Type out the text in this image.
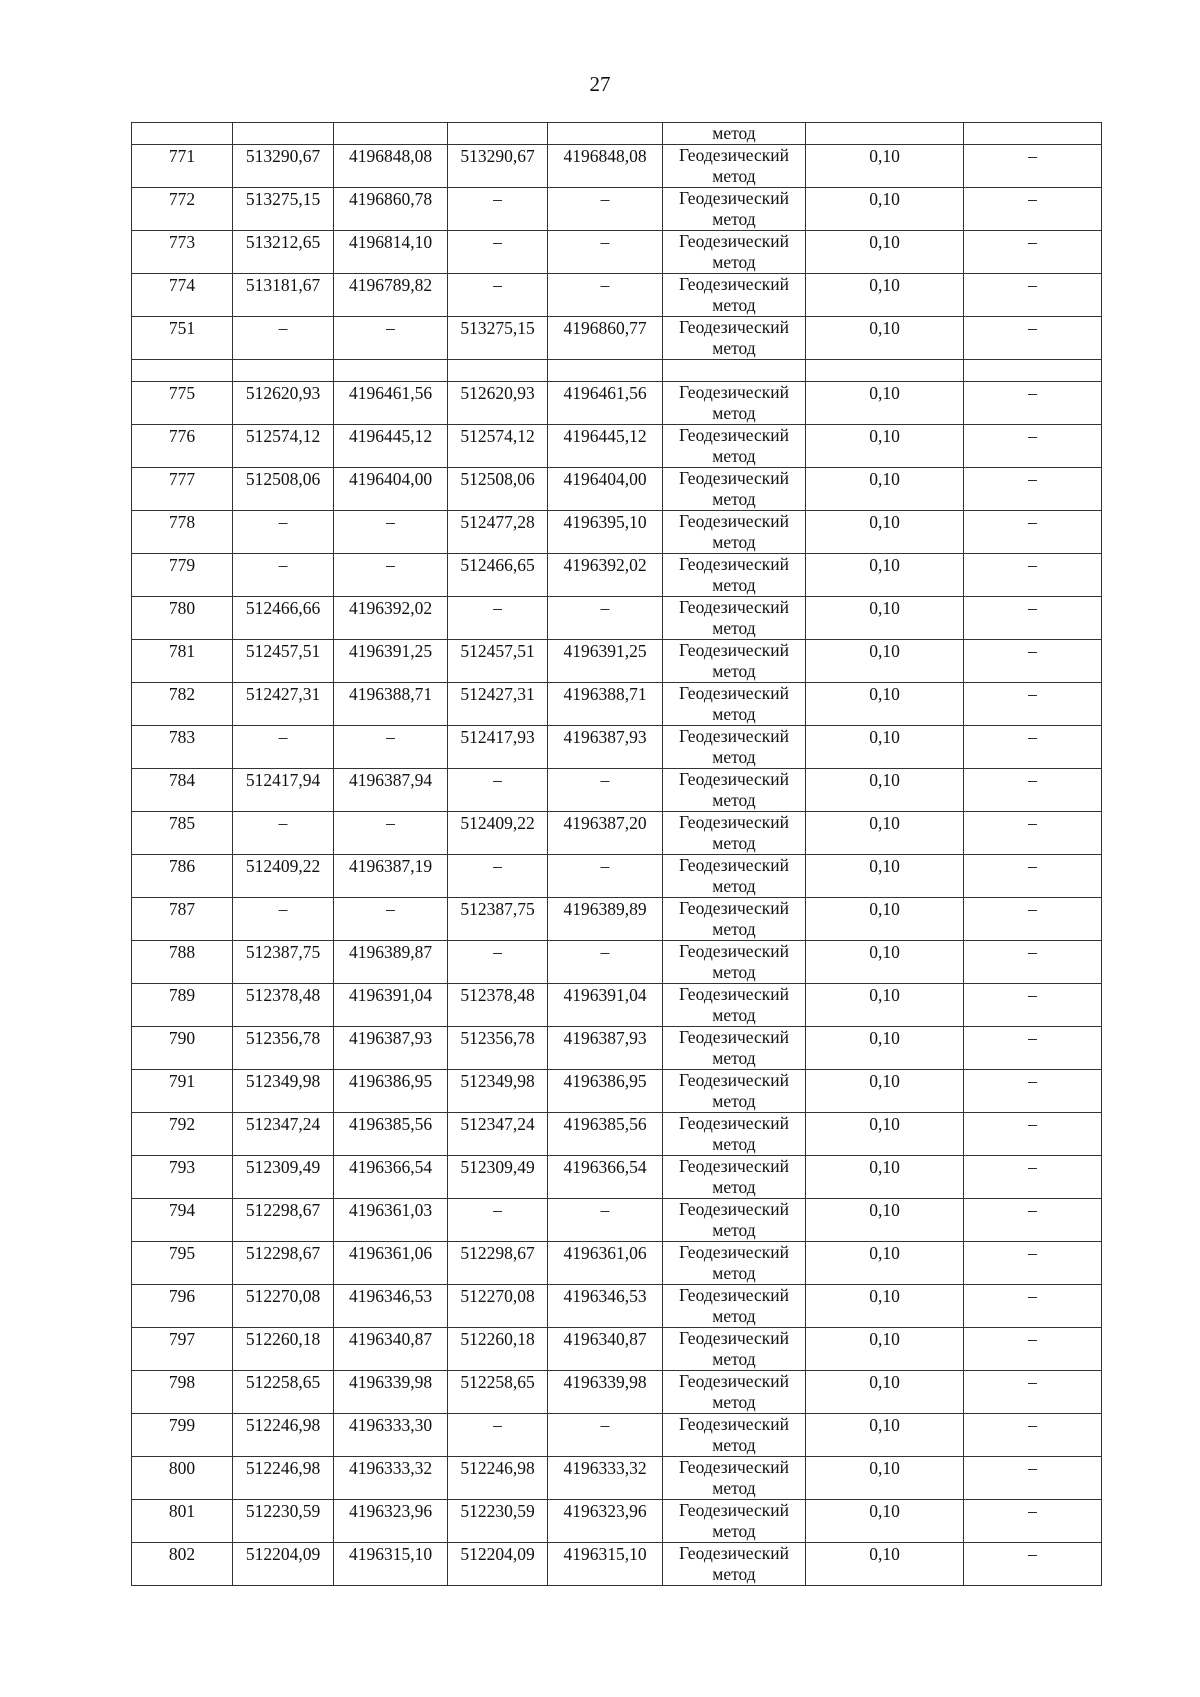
27
					метод		

771	513290,67	4196848,08	513290,67	4196848,08	Геодезический метод	0,10	–

772	513275,15	4196860,78	–	–	Геодезический метод	0,10	–

773	513212,65	4196814,10	–	–	Геодезический метод	0,10	–

774	513181,67	4196789,82	–	–	Геодезический метод	0,10	–

751	–	–	513275,15	4196860,77	Геодезический метод	0,10	–

775	512620,93	4196461,56	512620,93	4196461,56	Геодезический метод	0,10	–

776	512574,12	4196445,12	512574,12	4196445,12	Геодезический метод	0,10	–

777	512508,06	4196404,00	512508,06	4196404,00	Геодезический метод	0,10	–

778	–	–	512477,28	4196395,10	Геодезический метод	0,10	–

779	–	–	512466,65	4196392,02	Геодезический метод	0,10	–

780	512466,66	4196392,02	–	–	Геодезический метод	0,10	–

781	512457,51	4196391,25	512457,51	4196391,25	Геодезический метод	0,10	–

782	512427,31	4196388,71	512427,31	4196388,71	Геодезический метод	0,10	–

783	–	–	512417,93	4196387,93	Геодезический метод	0,10	–

784	512417,94	4196387,94	–	–	Геодезический метод	0,10	–

785	–	–	512409,22	4196387,20	Геодезический метод	0,10	–

786	512409,22	4196387,19	–	–	Геодезический метод	0,10	–

787	–	–	512387,75	4196389,89	Геодезический метод	0,10	–

788	512387,75	4196389,87	–	–	Геодезический метод	0,10	–

789	512378,48	4196391,04	512378,48	4196391,04	Геодезический метод	0,10	–

790	512356,78	4196387,93	512356,78	4196387,93	Геодезический метод	0,10	–

791	512349,98	4196386,95	512349,98	4196386,95	Геодезический метод	0,10	–

792	512347,24	4196385,56	512347,24	4196385,56	Геодезический метод	0,10	–

793	512309,49	4196366,54	512309,49	4196366,54	Геодезический метод	0,10	–

794	512298,67	4196361,03	–	–	Геодезический метод	0,10	–

795	512298,67	4196361,06	512298,67	4196361,06	Геодезический метод	0,10	–

796	512270,08	4196346,53	512270,08	4196346,53	Геодезический метод	0,10	–

797	512260,18	4196340,87	512260,18	4196340,87	Геодезический метод	0,10	–

798	512258,65	4196339,98	512258,65	4196339,98	Геодезический метод	0,10	–

799	512246,98	4196333,30	–	–	Геодезический метод	0,10	–

800	512246,98	4196333,32	512246,98	4196333,32	Геодезический метод	0,10	–

801	512230,59	4196323,96	512230,59	4196323,96	Геодезический метод	0,10	–

802	512204,09	4196315,10	512204,09	4196315,10	Геодезический метод	0,10	–
